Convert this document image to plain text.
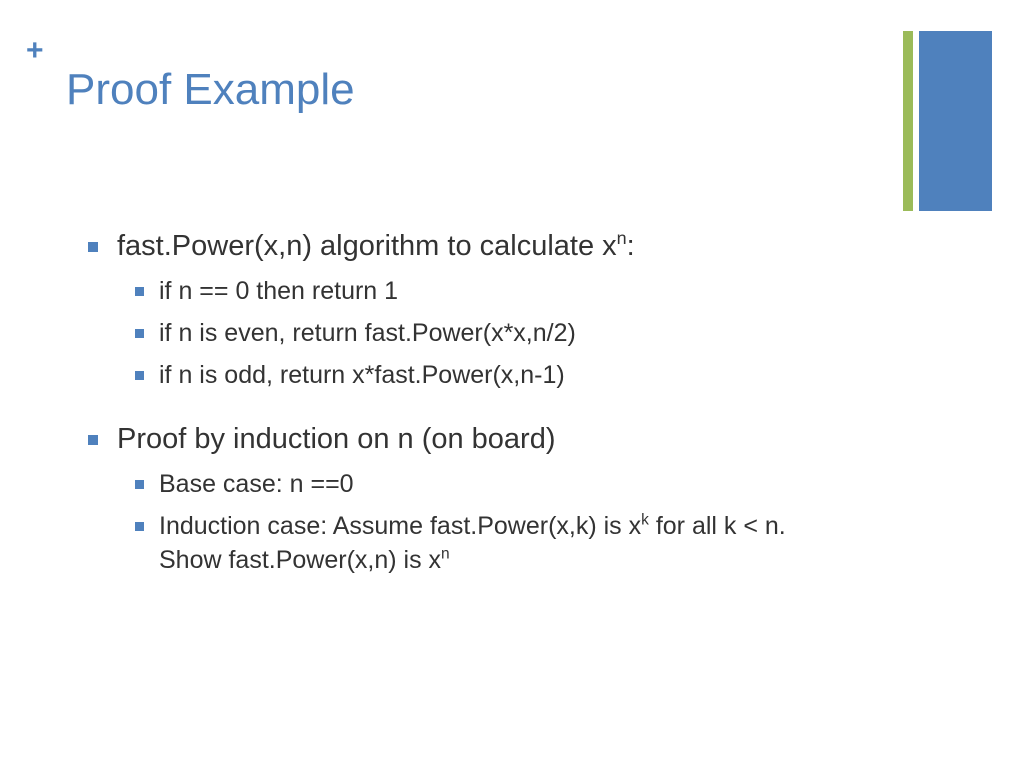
+
Proof Example
fast.Power(x,n) algorithm to calculate $x^n$:
if n == 0 then return 1
if n is even, return fast.Power(x*x,n/2)
if n is odd, return x*fast.Power(x,n-1)
Proof by induction on n (on board)
Base case: n ==0
Induction case: Assume fast.Power(x,k) is $x^k$ for all k < n.
Show fast.Power(x,n) is $x^n$
